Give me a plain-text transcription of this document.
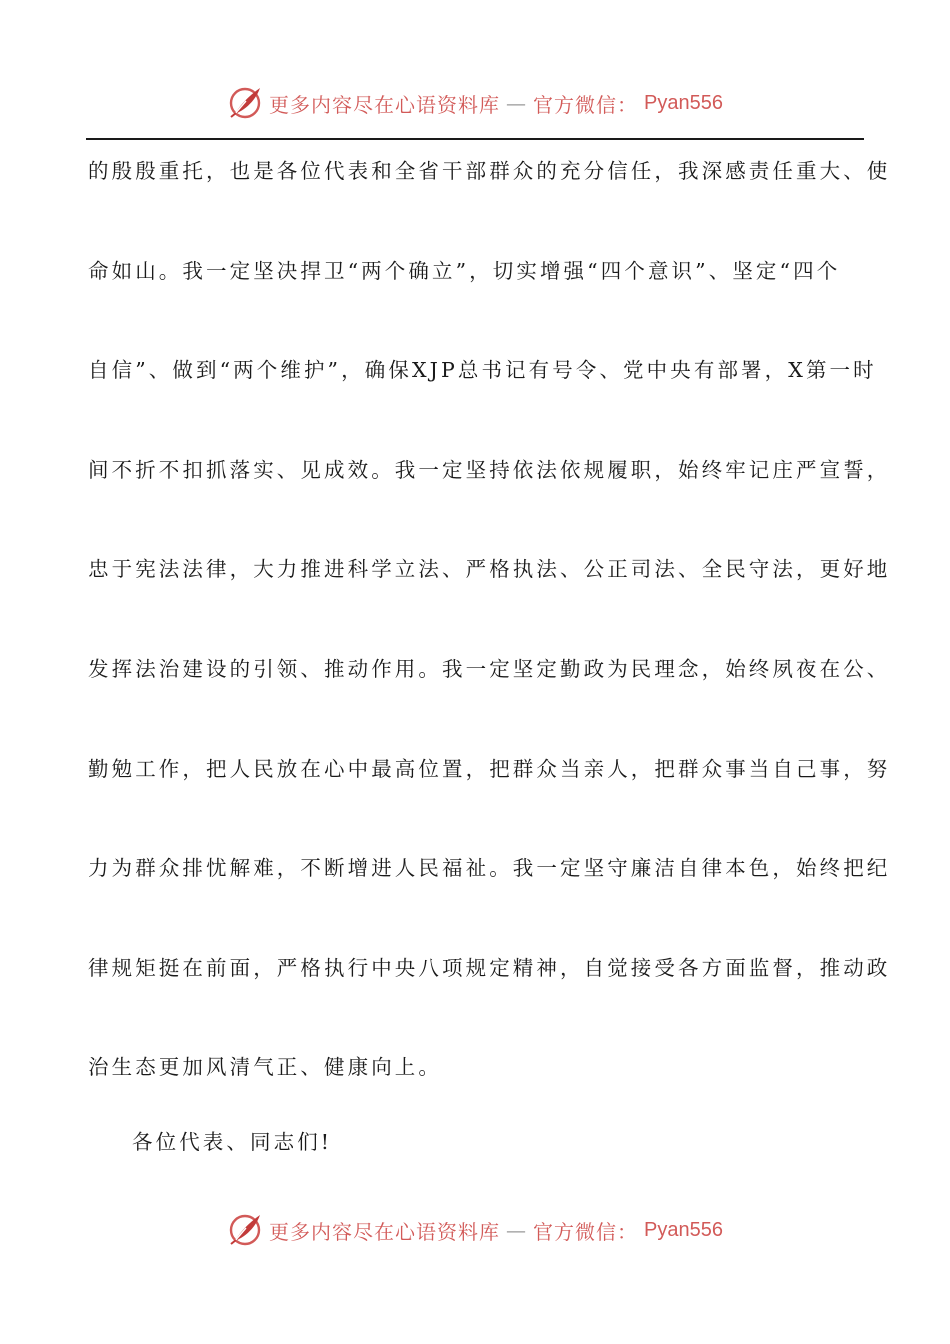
更多内容尽在心语资料库 — 官方微信： Pyan556
的殷殷重托，也是各位代表和全省干部群众的充分信任，我深感责任重大、使
命如山。我一定坚决捍卫“两个确立”，切实增强“四个意识”、坚定“四个
自信”、做到“两个维护”，确保XJP总书记有号令、党中央有部署，X第一时
间不折不扣抓落实、见成效。我一定坚持依法依规履职，始终牢记庄严宣誓，
忠于宪法法律，大力推进科学立法、严格执法、公正司法、全民守法，更好地
发挥法治建设的引领、推动作用。我一定坚定勤政为民理念，始终夙夜在公、
勤勉工作，把人民放在心中最高位置，把群众当亲人，把群众事当自己事，努
力为群众排忧解难，不断增进人民福祉。我一定坚守廉洁自律本色，始终把纪
律规矩挺在前面，严格执行中央八项规定精神，自觉接受各方面监督，推动政
治生态更加风清气正、健康向上。
各位代表、同志们!
更多内容尽在心语资料库 — 官方微信： Pyan556
